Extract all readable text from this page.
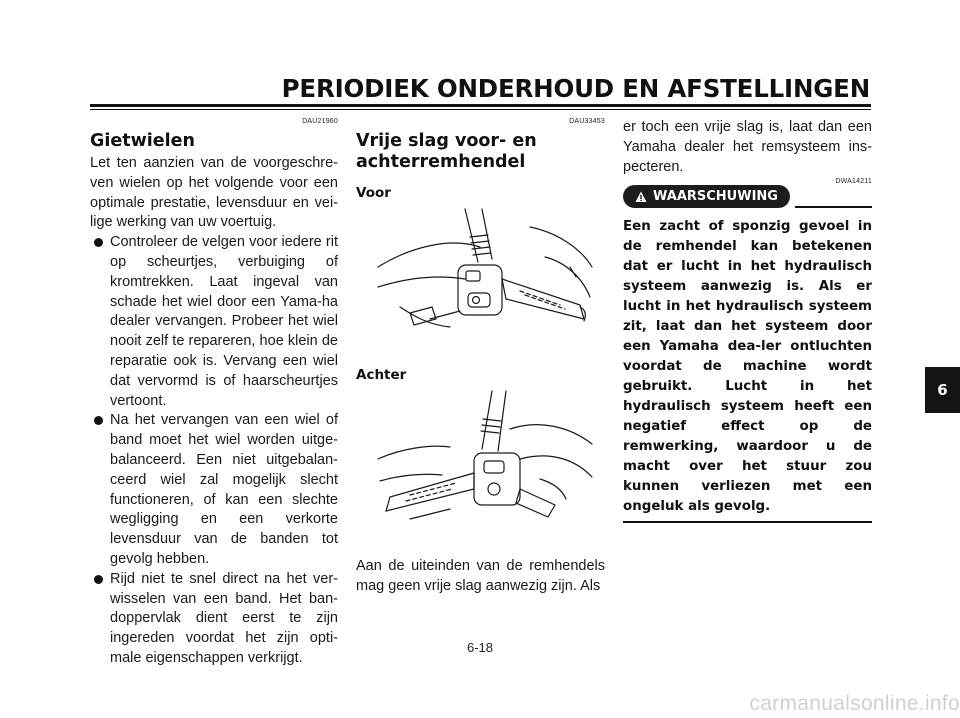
PERIODIEK ONDERHOUD EN AFSTELLINGEN
DAU21960
Gietwielen

Let ten aanzien van de voorgeschre-ven wielen op het volgende voor een optimale prestatie, levensduur en vei-lige werking van uw voertuig.

Controleer de velgen voor iedere rit op scheurtjes, verbuiging of kromtrekken. Laat ingeval van schade het wiel door een Yama-ha dealer vervangen. Probeer het wiel nooit zelf te repareren, hoe klein de reparatie ook is. Vervang een wiel dat vervormd is of haarscheurtjes vertoont.
Na het vervangen van een wiel of band moet het wiel worden uitge-balanceerd. Een niet uitgebalan-ceerd wiel zal mogelijk slecht functioneren, of kan een slechte wegligging en een verkorte levensduur van de banden tot gevolg hebben.
Rijd niet te snel direct na het ver-wisselen van een band. Het ban-doppervlak dient eerst te zijn ingereden voordat het zijn opti-male eigenschappen verkrijgt.
DAU33453
Vrije slag voor- en achterremhendel
Voor
Achter

Aan de uiteinden van de remhendels mag geen vrije slag aanwezig zijn. Als

er toch een vrije slag is, laat dan een Yamaha dealer het remsysteem ins-pecteren.

DWA14211
WAARSCHUWING

Een zacht of sponzig gevoel in de remhendel kan betekenen dat er lucht in het hydraulisch systeem aanwezig is. Als er lucht in het hydraulisch systeem zit, laat dan het systeem door een Yamaha dea-ler ontluchten voordat de machine wordt gebruikt. Lucht in het hydraulisch systeem heeft een negatief effect op de remwerking, waardoor u de macht over het stuur zou kunnen verliezen met een ongeluk als gevolg.

6-18
6
carmanualsonline.info
